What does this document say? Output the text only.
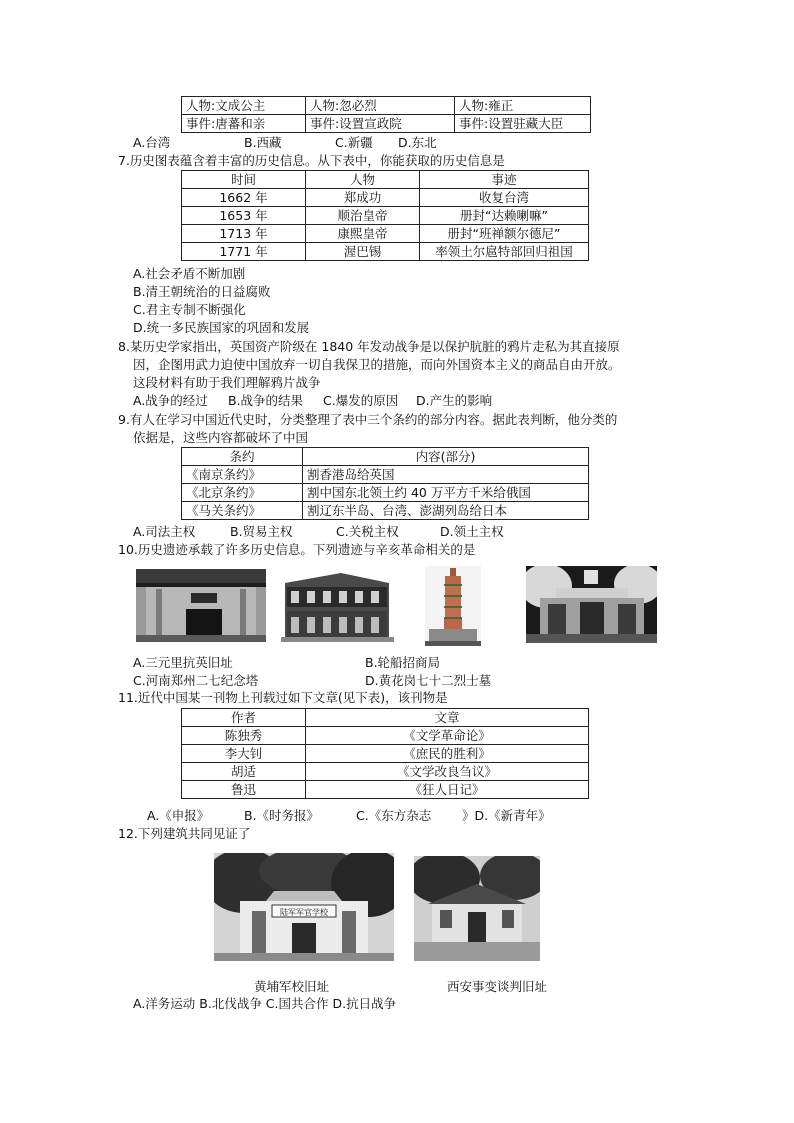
人物:文成公主	人物:忽必烈	人物:雍正
事件:唐蕃和亲	事件:设置宣政院	事件:设置驻藏大臣
A.台湾	B.西藏	C.新疆 D.东北
7.历史图表蕴含着丰富的历史信息。从下表中，你能获取的历史信息是
时间	人物	事迹
1662 年	郑成功	收复台湾
1653 年	顺治皇帝	册封“达赖喇嘛”
1713 年	康熙皇帝	册封“班禅额尔德尼”
1771 年	渥巴锡	率领土尔扈特部回归祖国
A.社会矛盾不断加剧
B.清王朝统治的日益腐败
C.君主专制不断强化
D.统一多民族国家的巩固和发展
8.某历史学家指出，英国资产阶级在 1840 年发动战争是以保护肮脏的鸦片走私为其直接原
因，企图用武力迫使中国放弃一切自我保卫的措施，而向外国资本主义的商品自由开放。
这段材料有助于我们理解鸦片战争
A.战争的经过 B.战争的结果 C.爆发的原因 D.产生的影响
9.有人在学习中国近代史时，分类整理了表中三个条约的部分内容。据此表判断，他分类的
依据是，这些内容都破坏了中国
条约	内容(部分)
《南京条约》	割香港岛给英国
《北京条约》	割中国东北领土约 40 万平方千米给俄国
《马关条约》	割辽东半岛、台湾、澎湖列岛给日本
A.司法主权	B.贸易主权	C.关税主权	D.领土主权
10.历史遗迹承载了许多历史信息。下列遗迹与辛亥革命相关的是
A.三元里抗英旧址	B.轮船招商局
C.河南郑州二七纪念塔	D.黄花岗七十二烈士墓
11.近代中国某一刊物上刊载过如下文章(见下表)，该刊物是
作者	文章
陈独秀	《文学革命论》
李大钊	《庶民的胜利》
胡适	《文学改良刍议》
鲁迅	《狂人日记》
A.《申报》	B.《时务报》	C.《东方杂志 》D.《新青年》
12.下列建筑共同见证了
陆军军官学校
黄埔军校旧址	西安事变谈判旧址
A.洋务运动 B.北伐战争 C.国共合作 D.抗日战争
